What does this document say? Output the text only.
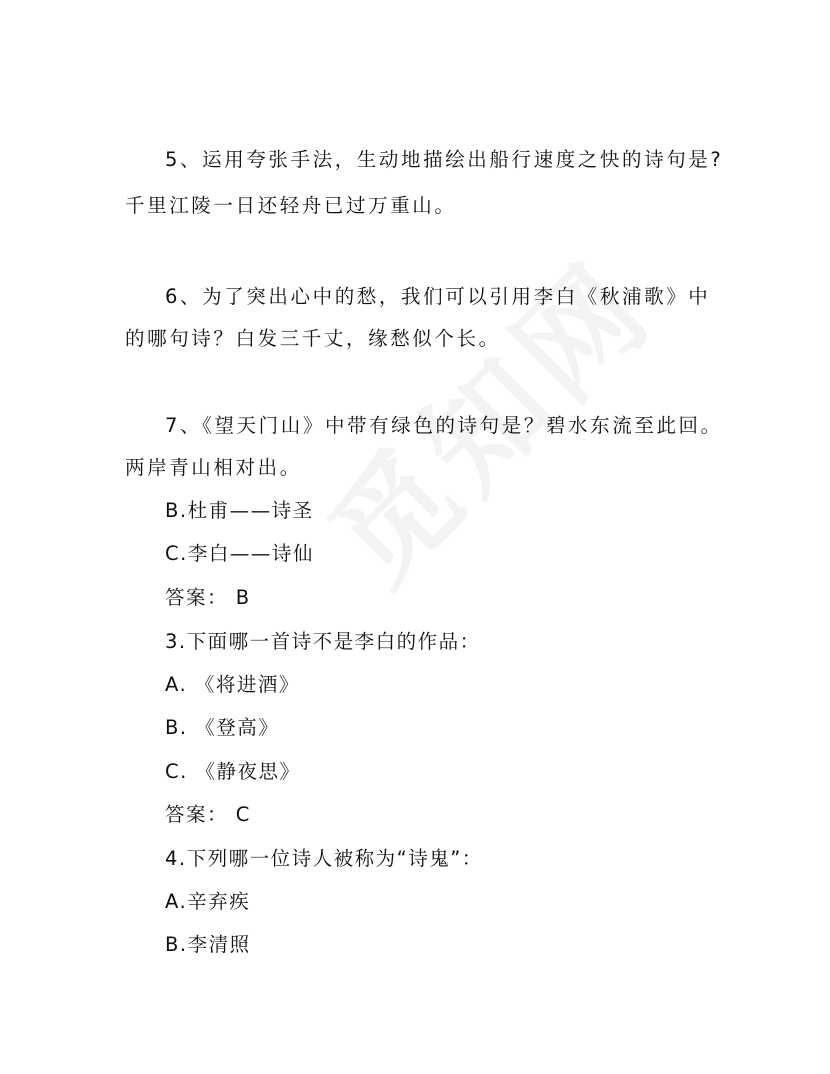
5、运用夸张手法，生动地描绘出船行速度之快的诗句是?
千里江陵一日还轻舟已过万重山。
6、为了突出心中的愁，我们可以引用李白《秋浦歌》中
的哪句诗？白发三千丈，缘愁似个长。
7、《望天门山》中带有绿色的诗句是？碧水东流至此回。
两岸青山相对出。
B.杜甫——诗圣
C.李白——诗仙
答案： B
3.下面哪一首诗不是李白的作品：
A. 《将进酒》
B. 《登高》
C. 《静夜思》
答案： C
4.下列哪一位诗人被称为“诗鬼”：
A.辛弃疾
B.李清照
